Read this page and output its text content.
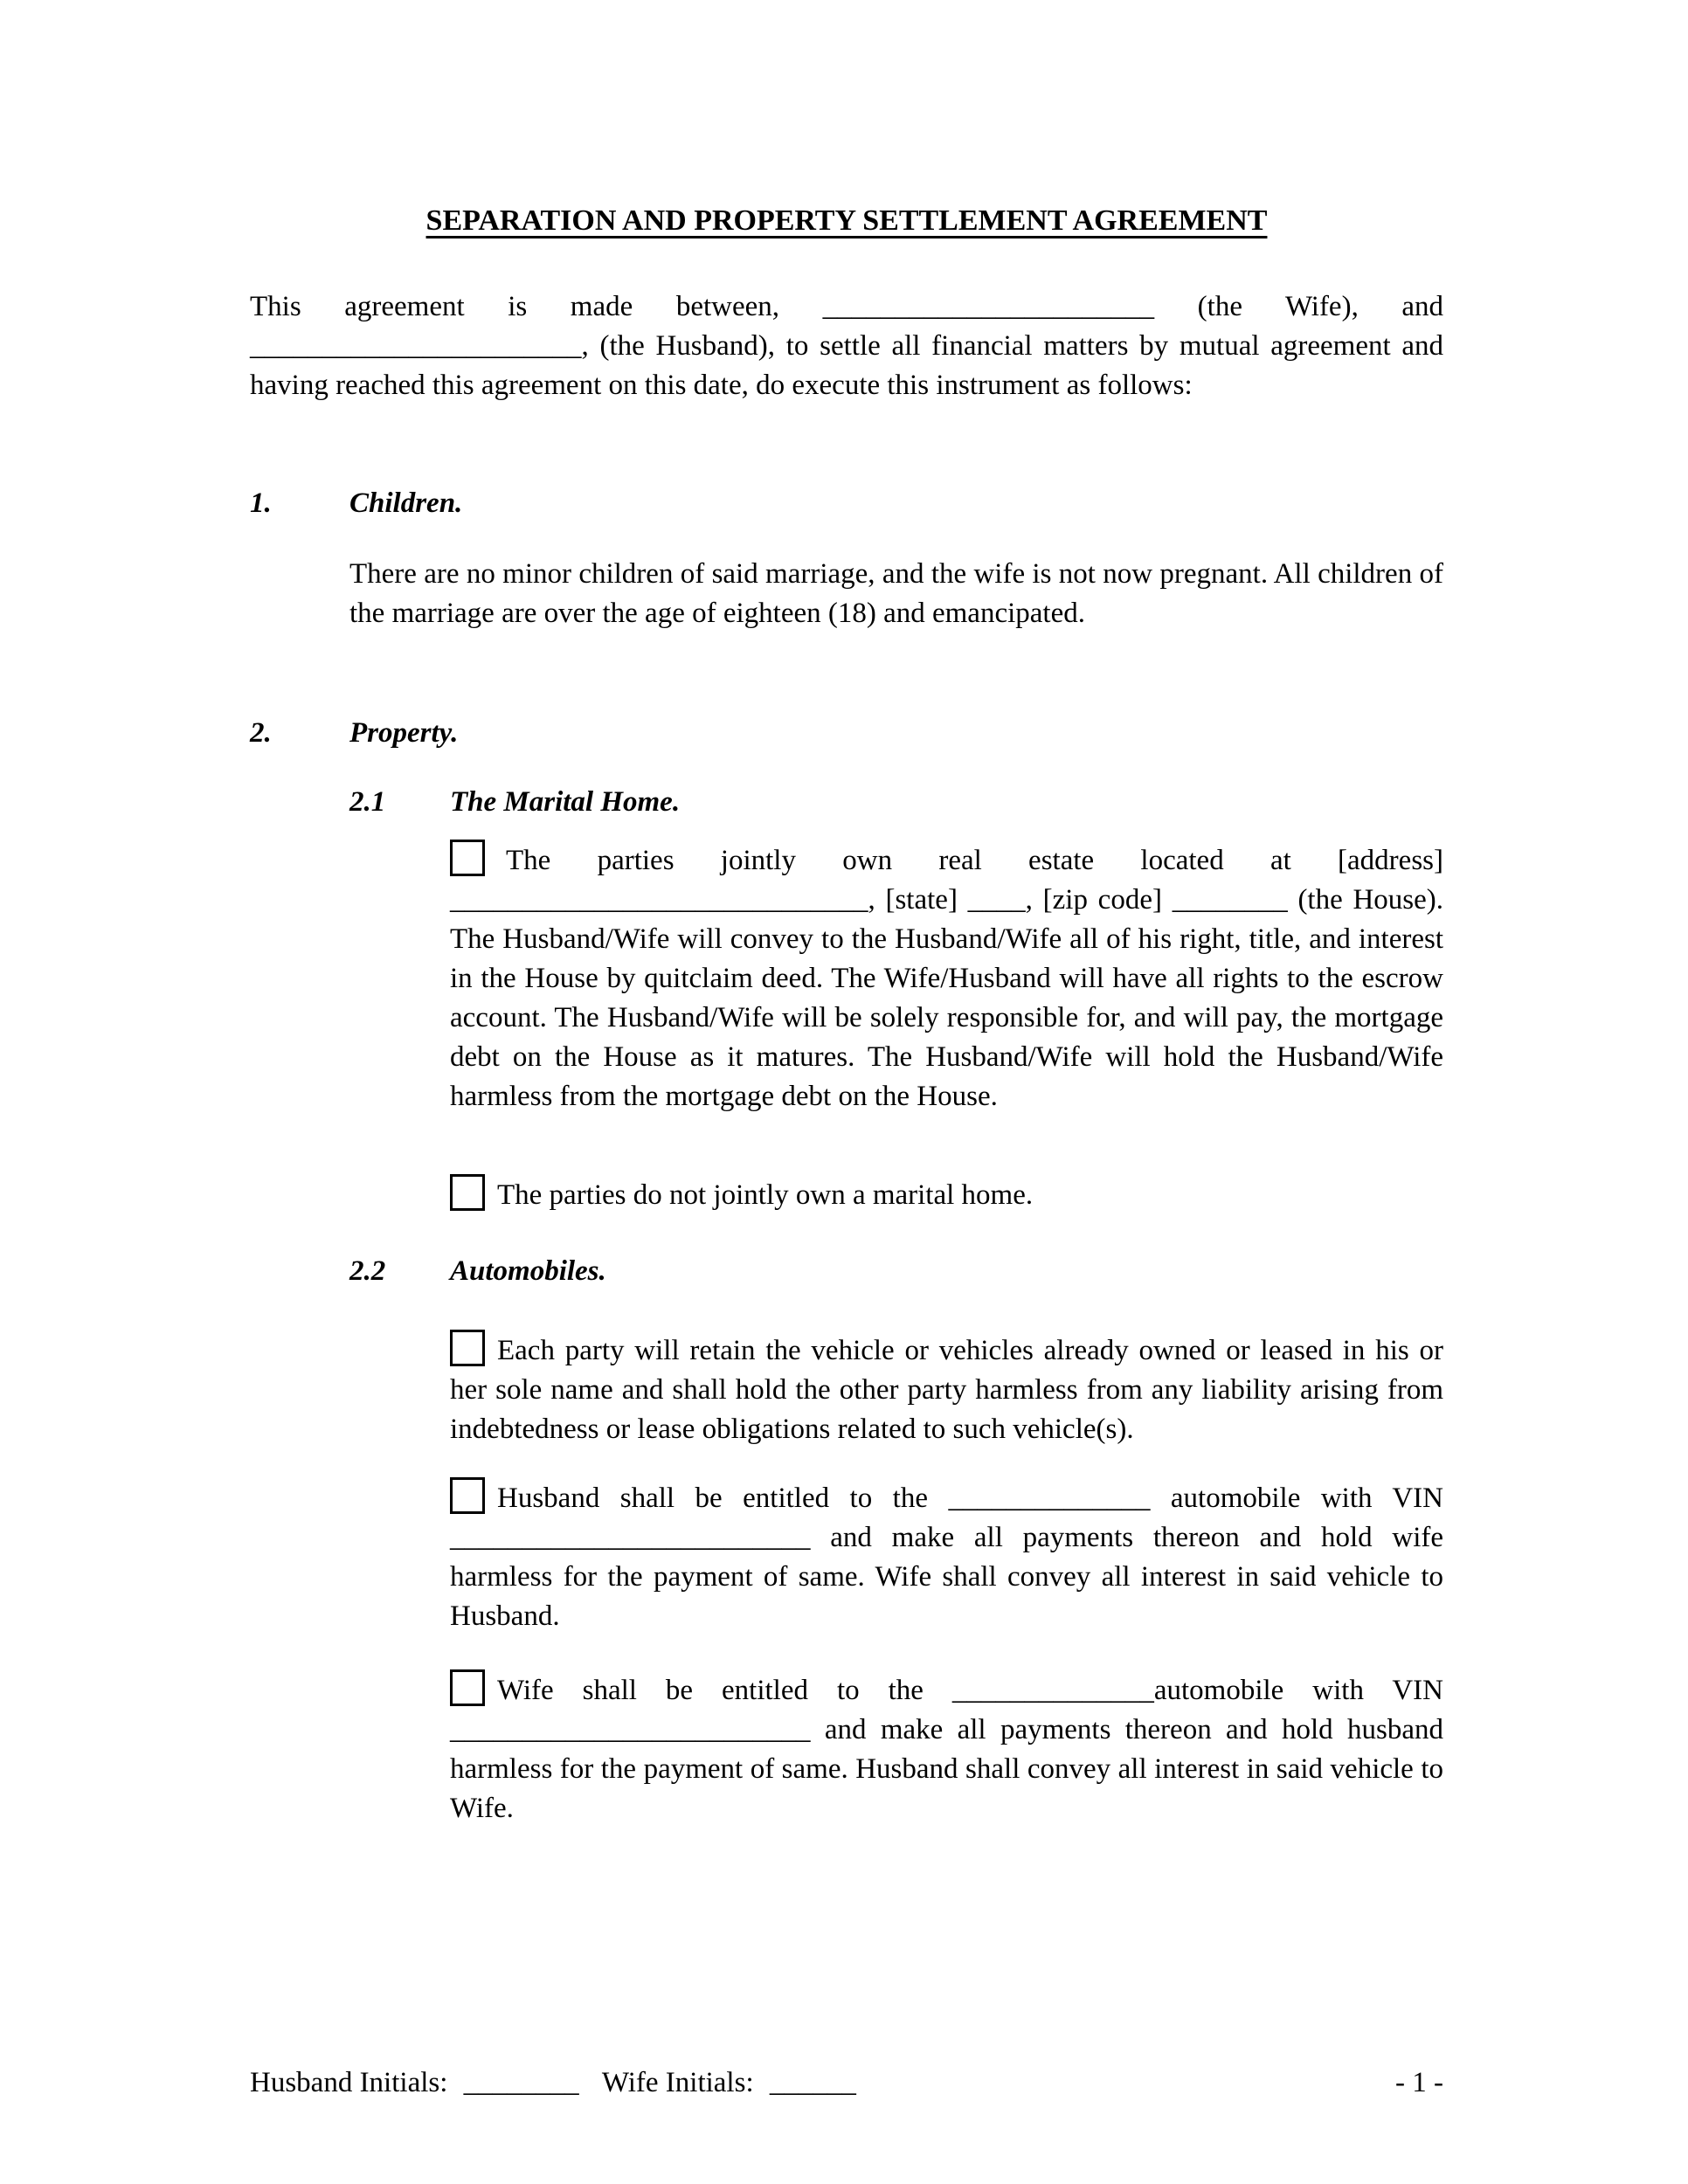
SEPARATION AND PROPERTY SETTLEMENT AGREEMENT

This agreement is made between, _______________________ (the Wife), and _______________________, (the Husband), to settle all financial matters by mutual agreement and having reached this agreement on this date, do execute this instrument as follows:

1.	Children.

There are no minor children of said marriage, and the wife is not now pregnant. All children of the marriage are over the age of eighteen (18) and emancipated.

2.	Property.
2.1 The Marital Home.

The parties jointly own real estate located at [address] _____________________________, [state] ____, [zip code] ________ (the House). The Husband/Wife will convey to the Husband/Wife all of his right, title, and interest in the House by quitclaim deed. The Wife/Husband will have all rights to the escrow account. The Husband/Wife will be solely responsible for, and will pay, the mortgage debt on the House as it matures. The Husband/Wife will hold the Husband/Wife harmless from the mortgage debt on the House.

The parties do not jointly own a marital home.

2.2 Automobiles.

Each party will retain the vehicle or vehicles already owned or leased in his or her sole name and shall hold the other party harmless from any liability arising from indebtedness or lease obligations related to such vehicle(s).

Husband shall be entitled to the ______________ automobile with VIN _________________________ and make all payments thereon and hold wife harmless for the payment of same. Wife shall convey all interest in said vehicle to Husband.

Wife shall be entitled to the ______________automobile with VIN _________________________ and make all payments thereon and hold husband harmless for the payment of same. Husband shall convey all interest in said vehicle to Wife.

Husband Initials: ________ Wife Initials: ______	- 1 -
